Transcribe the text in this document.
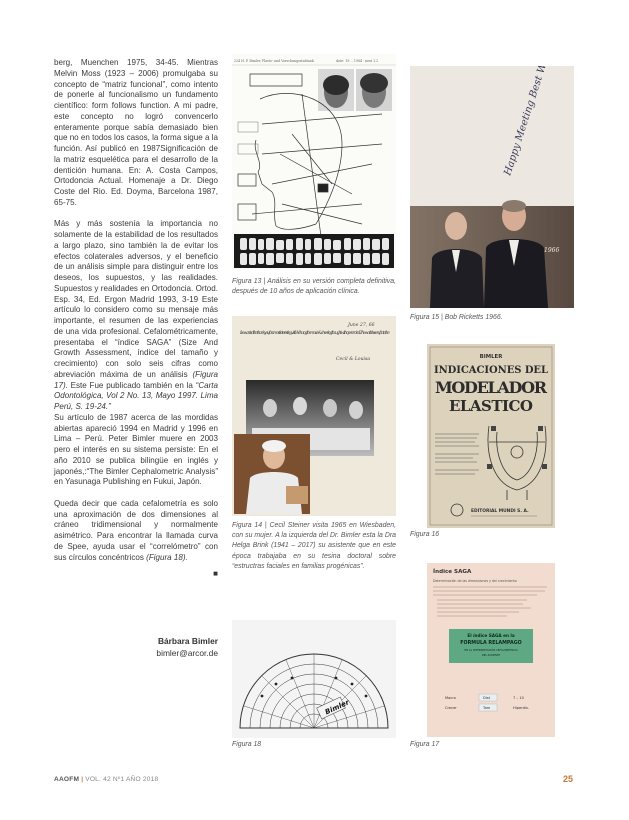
berg, Muenchen 1975, 34-45. Mientras Melvin Moss (1923 – 2006) promulgaba su concepto de “matriz funcional”, como intento de ponerle al funcionalismo un fundamento científico: form follows function. A mi padre, este concepto no logró convencerlo enteramente porque sabía demasiado bien que no en todos los casos, la forma sigue a la función. Así publicó en 1987Significación de la matriz esquelética para el desarrollo de la dentición humana. En: A. Costa Campos, Ortodoncia Actual. Homenaje a Dr. Diego Coste del Rio. Ed. Doyma, Barcelona 1987, 65-75.

Más y más sostenía la importancia no solamente de la estabilidad de los resultados a largo plazo, sino también la de evitar los efectos colaterales adversos, y el beneficio de un análisis simple para distinguir entre los deseos, los supuestos, y las realidades. Supuestos y realidades en Ortodoncia. Ortod. Esp. 34, Ed. Ergon Madrid 1993, 3-19 Este artículo lo considero como su mensaje más importante, el resumen de las experiencias de una vida profesional. Cefalométricamente, presentaba el “índice SAGA” (Size And Growth Assessment, índice del tamaño y crecimiento) con solo seis cifras como abreviación máxima de un análisis (Figura 17). Este Fue publicado también en la “Carta Odontológica, Vol 2 No. 13, Mayo 1997. Lima Perú, S. 19-24.”

Su artículo de 1987 acerca de las mordidas abiertas apareció 1994 en Madrid y 1996 en Lima – Perú. Peter Bimler muere en 2003 pero el interés en su sistema persiste: En el año 2010 se publica bilingüe en inglés y japonés,:“The Bimler Cephalometric Analysis” en Yasunaga Publishing en Fukui, Japón.

Queda decir que cada cefalometría es solo una aproximación de dos dimensiones al cráneo tridimensional y normalmente asimétrico. Para encontrar la llamada curva de Spee, ayuda usar el “correlómetro” con sus círculos concéntricos (Figura 18).

■
Bárbara Bimler
bimler@arcor.de
224 H. P. Bimler, Plasto- und Vorschungsstabtank	date: 19. – 1984 · next 1.2
Figura 13 | Análisis en su versión completa definitiva, después de 10 años de aplicación clínica.
1966
Figura 15 | Bob Ricketts 1966.
June 27, 66
I've wanted the thank you for a most interesting visit. We hung the movie & cheering thought with open mind. The world's seen ... for ... to the
Cecil & Louisa
Figura 14 | Cecil Steiner visita 1965 en Wiesbaden, con su mujer. A la izquierda del Dr. Bimler esta la Dra Helga Brink (1941 – 2017) su asistente que en este época trabajaba en su tesina doctoral sobre “estructras faciales en familias progénicas”.
BIMLER
INDICACIONES DEL
MODELADOR
ELASTICO
EDITORIAL MUNDI S. A.
Figura 16
Bimler
Figura 18
Índice SAGA
Determinación de las dimensiones y del crecimiento
El índice SAGA en la
FORMULA RELAMPAGO
EN LA INTERPRETACIÓN CEFALOMÉTRICA
DEL PACIENTE
Macro	Dist	7 – 10
Crecer	Tam	Hiperdiv.
Figura 17
AAOFM | VOL. 42 Nº1 AÑO 2018	25
